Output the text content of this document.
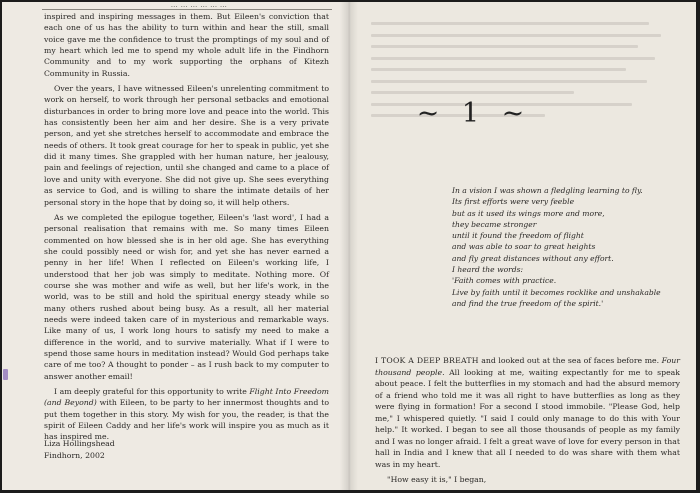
… … … … … …

inspired and inspiring messages in them. But Eileen's conviction that each one of us has the ability to turn within and hear the still, small voice gave me the confidence to trust the promptings of my soul and of my heart which led me to spend my whole adult life in the Findhorn Community and to my work supporting the orphans of Kitezh Community in Russia.

Over the years, I have witnessed Eileen's unrelenting commitment to work on herself, to work through her personal setbacks and emotional disturbances in order to bring more love and peace into the world. This has consistently been her aim and her desire. She is a very private person, and yet she stretches herself to accommodate and embrace the needs of others. It took great courage for her to speak in public, yet she did it many times. She grappled with her human nature, her jealousy, pain and feelings of rejection, until she changed and came to a place of love and unity with everyone. She did not give up. She sees everything as service to God, and is willing to share the intimate details of her personal story in the hope that by doing so, it will help others.

As we completed the epilogue together, Eileen's 'last word', I had a personal realisation that remains with me. So many times Eileen commented on how blessed she is in her old age. She has everything she could possibly need or wish for, and yet she has never earned a penny in her life! When I reflected on Eileen's working life, I understood that her job was simply to meditate. Nothing more. Of course she was mother and wife as well, but her life's work, in the world, was to be still and hold the spiritual energy steady while so many others rushed about being busy. As a result, all her material needs were indeed taken care of in mysterious and remarkable ways. Like many of us, I work long hours to satisfy my need to make a difference in the world, and to survive materially. What if I were to spend those same hours in meditation instead? Would God perhaps take care of me too? A thought to ponder – as I rush back to my computer to answer another email!

I am deeply grateful for this opportunity to write Flight Into Freedom (and Beyond) with Eileen, to be party to her innermost thoughts and to put them together in this story. My wish for you, the reader, is that the spirit of Eileen Caddy and her life's work will inspire you as much as it has inspired me.

Liza Hollingshead
Findhorn, 2002
~ 1 ~
In a vision I was shown a fledgling learning to fly.
Its first efforts were very feeble
but as it used its wings more and more,
they became stronger
until it found the freedom of flight
and was able to soar to great heights
and fly great distances without any effort.
I heard the words:
'Faith comes with practice.
Live by faith until it becomes rocklike and unshakable
and find the true freedom of the spirit.'

I TOOK A DEEP BREATH and looked out at the sea of faces before me. Four thousand people. All looking at me, waiting expectantly for me to speak about peace. I felt the butterflies in my stomach and had the absurd memory of a friend who told me it was all right to have butterflies as long as they were flying in formation! For a second I stood immobile. "Please God, help me," I whispered quietly. "I said I could only manage to do this with Your help." It worked. I began to see all those thousands of people as my family and I was no longer afraid. I felt a great wave of love for every person in that hall in India and I knew that all I needed to do was share with them what was in my heart.

"How easy it is," I began,
